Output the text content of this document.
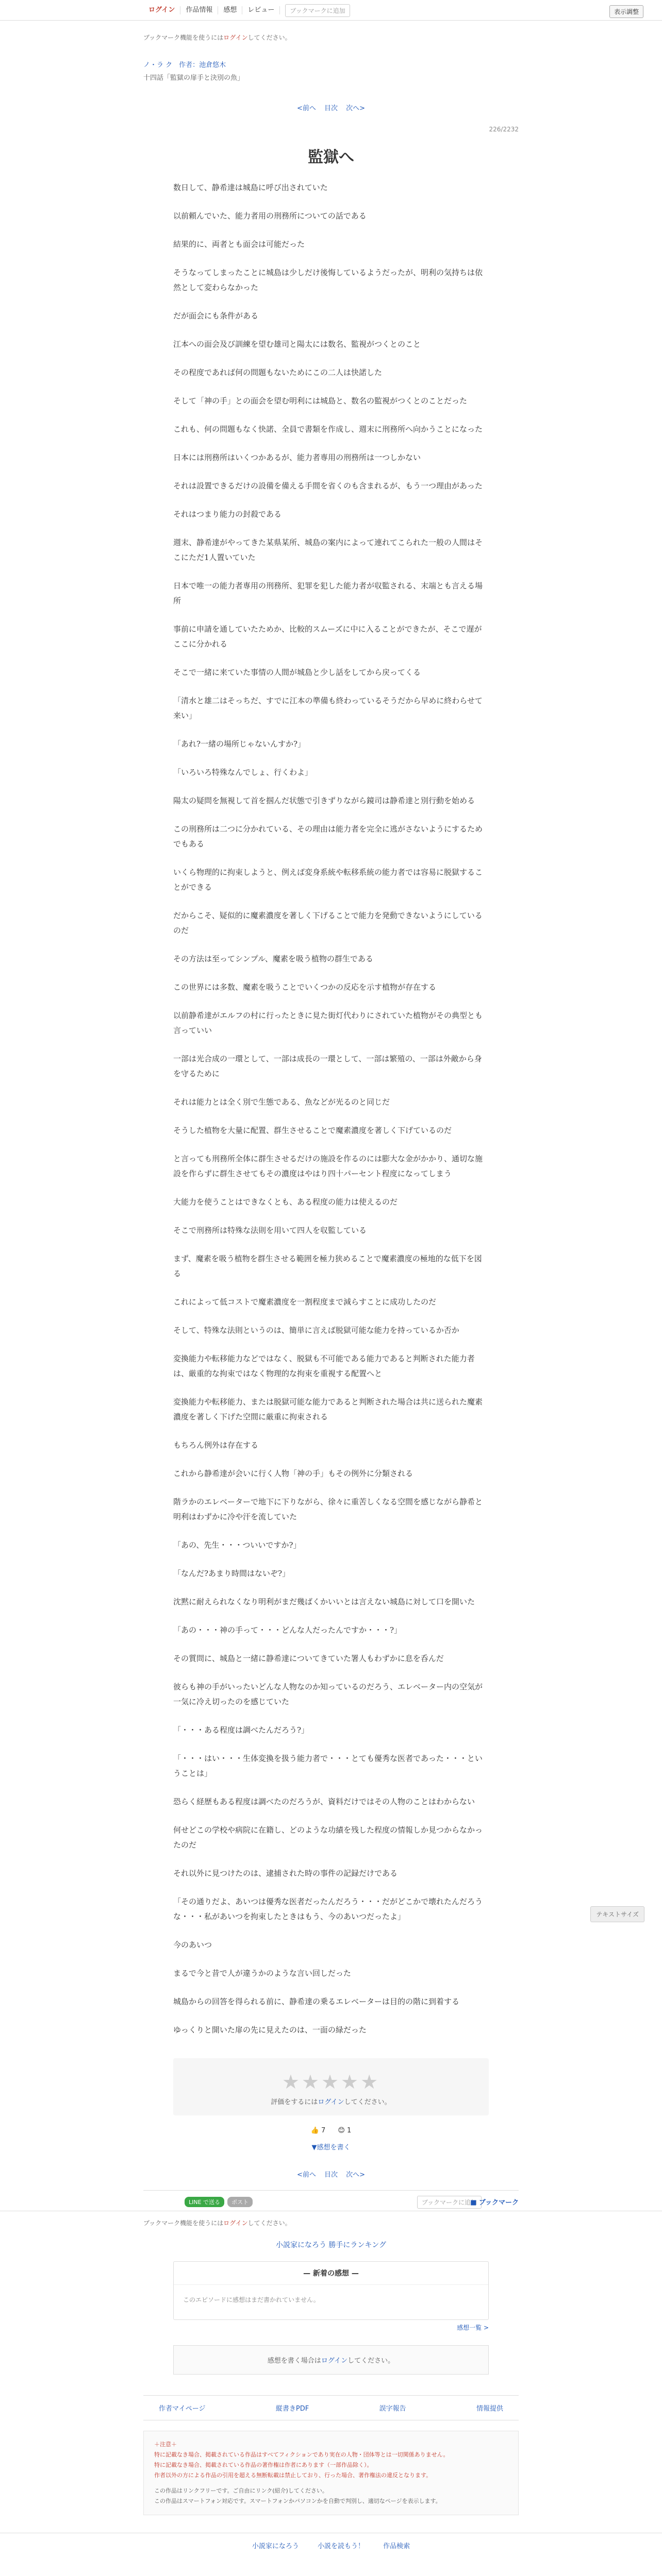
ログイン	作品情報	感想	レビュー	ブックマークに追加	表示調整
ブックマーク機能を使うにはログインしてください。
ノ・ラ ク　作者：池倉悠木
十四話「監獄の扉手と決別の魚」
<前へ 目次 次へ>
226/2232
監獄へ

数日して、静希達は城島に呼び出されていた

以前頼んでいた、能力者用の刑務所についての話である

結果的に、両者とも面会は可能だった

そうなってしまったことに城島は少しだけ後悔しているようだったが、明利の気持ちは依然として変わらなかった

だが面会にも条件がある

江本への面会及び訓練を望む雄司と陽太には数名、監視がつくとのこと

その程度であれば何の問題もないためにこの二人は快諾した

そして「神の手」との面会を望む明利には城島と、数名の監視がつくとのことだった

これも、何の問題もなく快諾、全員で書類を作成し、週末に刑務所へ向かうことになった

日本には刑務所はいくつかあるが、能力者専用の刑務所は一つしかない

それは設置できるだけの設備を備える手間を省くのも含まれるが、もう一つ理由があった

それはつまり能力の封殺である

週末、静希達がやってきた某県某所、城島の案内によって連れてこられた一般の人間はそこにただ1人置いていた

日本で唯一の能力者専用の刑務所、犯罪を犯した能力者が収監される、末端とも言える場所

事前に申請を通していたためか、比較的スムーズに中に入ることができたが、そこで遅がここに分かれる

そこで一緒に来ていた事情の人間が城島と少し話をしてから戻ってくる

「清水と雄二はそっちだ、すでに江本の準備も終わっているそうだから早めに終わらせて来い」

「あれ?一緒の場所じゃないんすか?」

「いろいろ特殊なんでしょ、行くわよ」

陽太の疑問を無視して首を掴んだ状態で引きずりながら鏡司は静希達と別行動を始める

この刑務所は二つに分かれている、その理由は能力者を完全に逃がさないようにするためでもある

いくら物理的に拘束しようと、例えば変身系統や転移系統の能力者では容易に脱獄することができる

だからこそ、疑似的に魔素濃度を著しく下げることで能力を発動できないようにしているのだ

その方法は至ってシンプル、魔素を吸う植物の群生である

この世界には多数、魔素を吸うことでいくつかの反応を示す植物が存在する

以前静希達がエルフの村に行ったときに見た街灯代わりにされていた植物がその典型とも言っていい

一部は光合成の一環として、一部は成長の一環として、一部は繁殖の、一部は外敵から身を守るために

それは能力とは全く別で生態である、魚などが光るのと同じだ

そうした植物を大量に配置、群生させることで魔素濃度を著しく下げているのだ

と言っても刑務所全体に群生させるだけの施設を作るのには膨大な金がかかり、通切な施設を作らずに群生させてもその濃度はやはり四十パーセント程度になってしまう

大能力を使うことはできなくとも、ある程度の能力は使えるのだ

そこで刑務所は特殊な法則を用いて四人を収監している

まず、魔素を吸う植物を群生させる範囲を極力狭めることで魔素濃度の極地的な低下を図る

これによって低コストで魔素濃度を一割程度まで減らすことに成功したのだ

そして、特殊な法則というのは、簡単に言えば脱獄可能な能力を持っているか否か

変換能力や転移能力などではなく、脱獄も不可能である能力であると判断された能力者は、厳重的な拘束ではなく物理的な拘束を重視する配置へと

変換能力や転移能力、または脱獄可能な能力であると判断された場合は共に送られた魔素濃度を著しく下げた空間に厳重に拘束される

もちろん例外は存在する

これから静希達が会いに行く人物「神の手」もその例外に分類される

階ラかのエレベーターで地下に下りながら、徐々に重苦しくなる空間を感じながら静希と明利はわずかに冷や汗を流していた

「あの、先生・・・ついいですか?」

「なんだ?あまり時間はないぞ?」

沈黙に耐えられなくなり明利がまだ幾ばくかいいとは言えない城島に対して口を開いた

「あの・・・神の手って・・・どんな人だったんですか・・・?」

その質問に、城島と一緒に静希達についてきていた署人もわずかに息を呑んだ

彼らも神の手がいったいどんな人物なのか知っているのだろう、エレベーター内の空気が一気に冷え切ったのを感じていた

「・・・ある程度は調べたんだろう?」

「・・・はい・・・生体変換を扱う能力者で・・・とても優秀な医者であった・・・ということは」

恐らく経歴もある程度は調べたのだろうが、資料だけではその人物のことはわからない

何せどこの学校や病院に在籍し、どのような功績を残した程度の情報しか見つからなかったのだ

それ以外に見つけたのは、逮捕された時の事件の記録だけである

「その通りだよ、あいつは優秀な医者だったんだろう・・・だがどこかで壊れたんだろうな・・・私があいつを拘束したときはもう、今のあいつだったよ」

今のあいつ

まるで今と昔で人が違うかのような言い回しだった

城島からの回答を得られる前に、静希達の乗るエレベーターは目的の階に到着する

ゆっくりと開いた扉の先に見えたのは、一面の緑だった

★★★★★
評価をするにはログインしてください。
👍 7 😊 1
▼感想を書く
<前へ 目次 次へ>
テキストサイズ
LINE で送る	ポスト	ブックマークに追加
■ ブックマーク
ブックマーク機能を使うにはログインしてください。
小説家になろう 勝手にランキング
— 新着の感想 —
このエピソードに感想はまだ書かれていません。
感想一覧 >
感想を書く場合はログインしてください。
作者マイページ	縦書きPDF	誤字報告	情報提供
＋注意＋
特に記載なき場合、掲載されている作品はすべてフィクションであり実在の人物・団体等とは一切関係ありません。
特に記載なき場合、掲載されている作品の著作権は作者にあります（一部作品除く）。
作者以外の方による作品の引用を超える無断転載は禁止しており、行った場合、著作権法の違反となります。
この作品はリンクフリーです。ご自由にリンク(紹介)してください。
この作品はスマートフォン対応です。スマートフォンかパソコンかを自動で判別し、適切なページを表示します。
小説家になろう	小説を読もう！	作品検索
